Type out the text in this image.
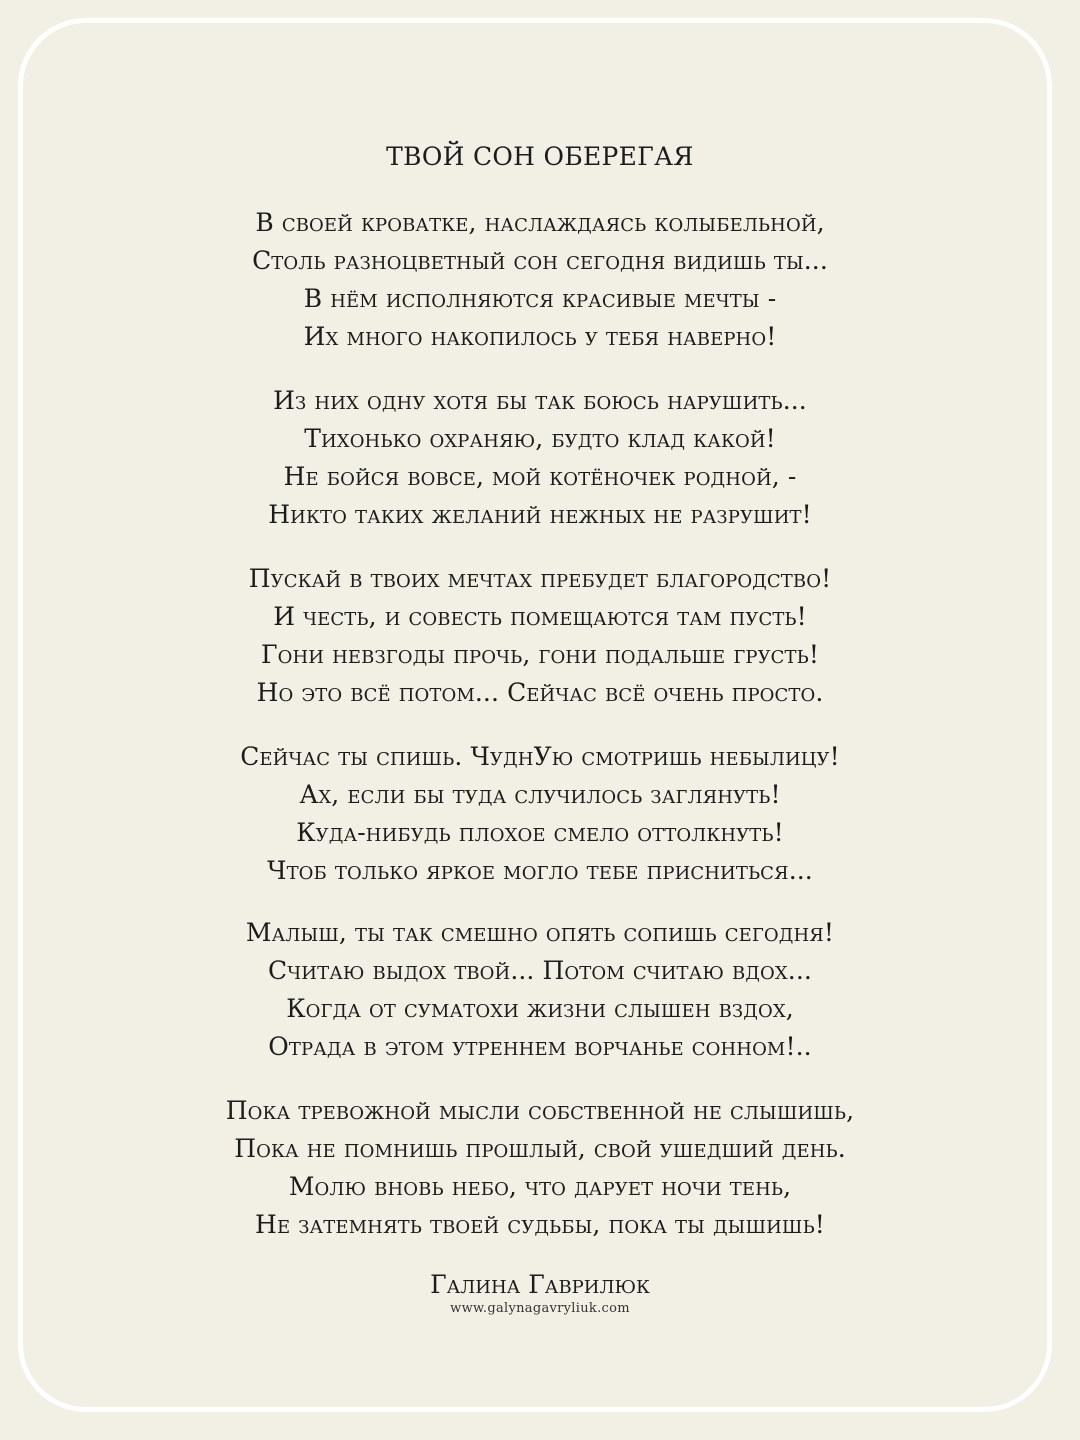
ТВОЙ СОН ОБЕРЕГАЯ
В своей кроватке, наслаждаясь колыбельной,
Столь разноцветный сон сегодня видишь ты...
В нём исполняются красивые мечты -
Их много накопилось у тебя наверно!
Из них одну хотя бы так боюсь нарушить...
Тихонько охраняю, будто клад какой!
Не бойся вовсе, мой котёночек родной, -
Никто таких желаний нежных не разрушит!
Пускай в твоих мечтах пребудет благородство!
И честь, и совесть помещаются там пусть!
Гони невзгоды прочь, гони подальше грусть!
Но это всё потом... Сейчас всё очень просто.
Сейчас ты спишь. ЧуднУю смотришь небылицу!
Ах, если бы туда случилось заглянуть!
Куда-нибудь плохое смело оттолкнуть!
Чтоб только яркое могло тебе присниться...
Малыш, ты так смешно опять сопишь сегодня!
Считаю выдох твой... Потом считаю вдох...
Когда от суматохи жизни слышен вздох,
Отрада в этом утреннем ворчанье сонном!..
Пока тревожной мысли собственной не слышишь,
Пока не помнишь прошлый, свой ушедший день.
Молю вновь небо, что дарует ночи тень,
Не затемнять твоей судьбы, пока ты дышишь!
Галина Гаврилюк
www.galynagavryliuk.com
